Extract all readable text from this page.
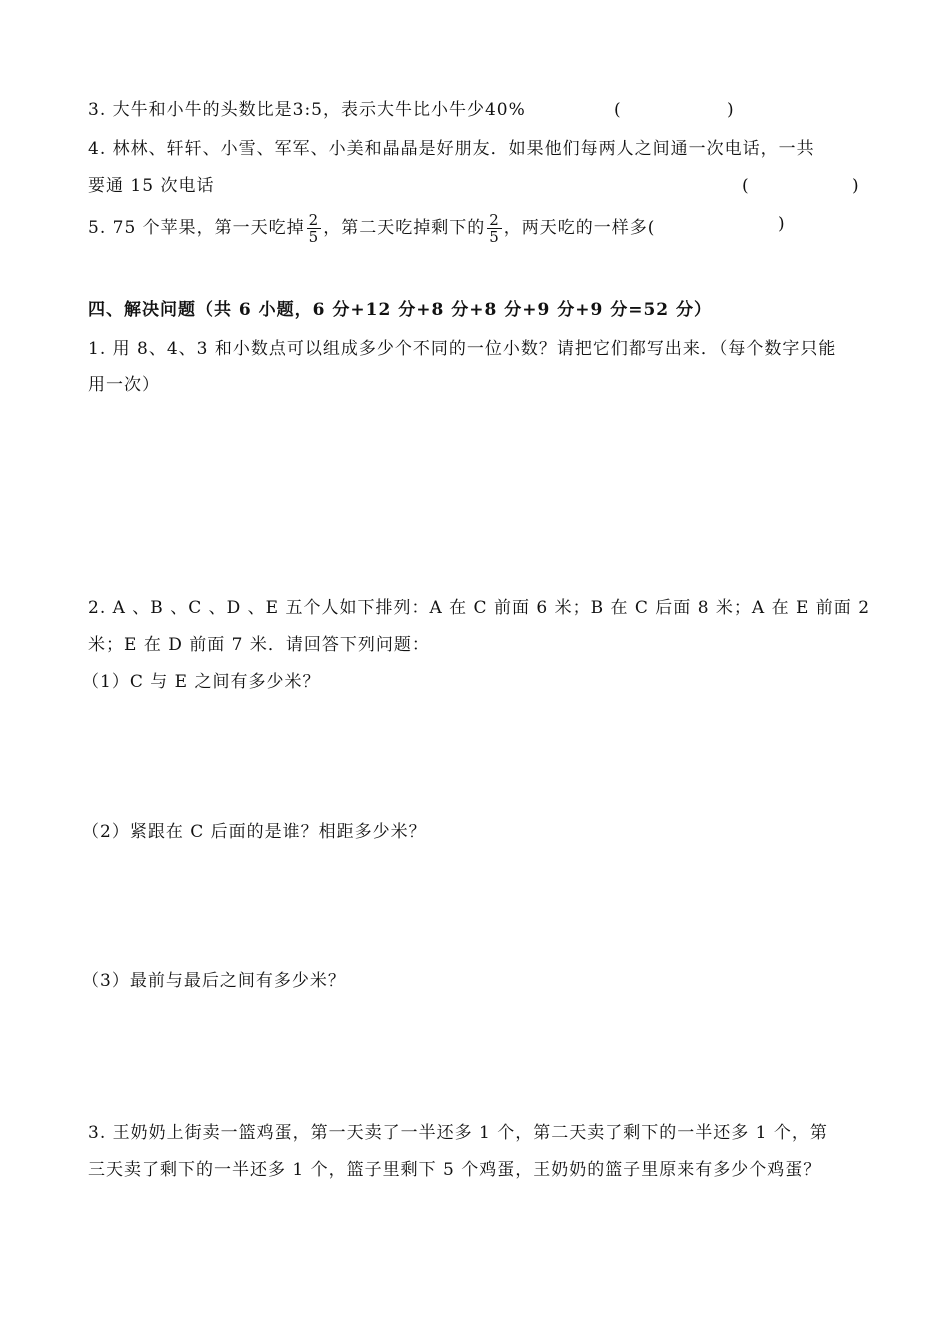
3. 大牛和小牛的头数比是3:5，表示大牛比小牛少40%	(	)
4. 林林、轩轩、小雪、军军、小美和晶晶是好朋友．如果他们每两人之间通一次电话，一共
要通 15 次电话	(	)
5. 75 个苹果，第一天吃掉 $\frac{2}{5}$ ，第二天吃掉剩下的 $\frac{2}{5}$ ，两天吃的一样多(	)
四、解决问题（共 6 小题，6 分+12 分+8 分+8 分+9 分+9 分=52 分）
1. 用 8、4、3 和小数点可以组成多少个不同的一位小数？请把它们都写出来．（每个数字只能
用一次）
2. A 、B 、C 、D 、E 五个人如下排列：A 在 C 前面 6 米；B 在 C 后面 8 米；A 在 E 前面 2
米；E 在 D 前面 7 米．请回答下列问题：
（1）C 与 E 之间有多少米？
（2）紧跟在 C 后面的是谁？相距多少米？
（3）最前与最后之间有多少米？
3. 王奶奶上街卖一篮鸡蛋，第一天卖了一半还多 1 个，第二天卖了剩下的一半还多 1 个，第
三天卖了剩下的一半还多 1 个，篮子里剩下 5 个鸡蛋，王奶奶的篮子里原来有多少个鸡蛋？
